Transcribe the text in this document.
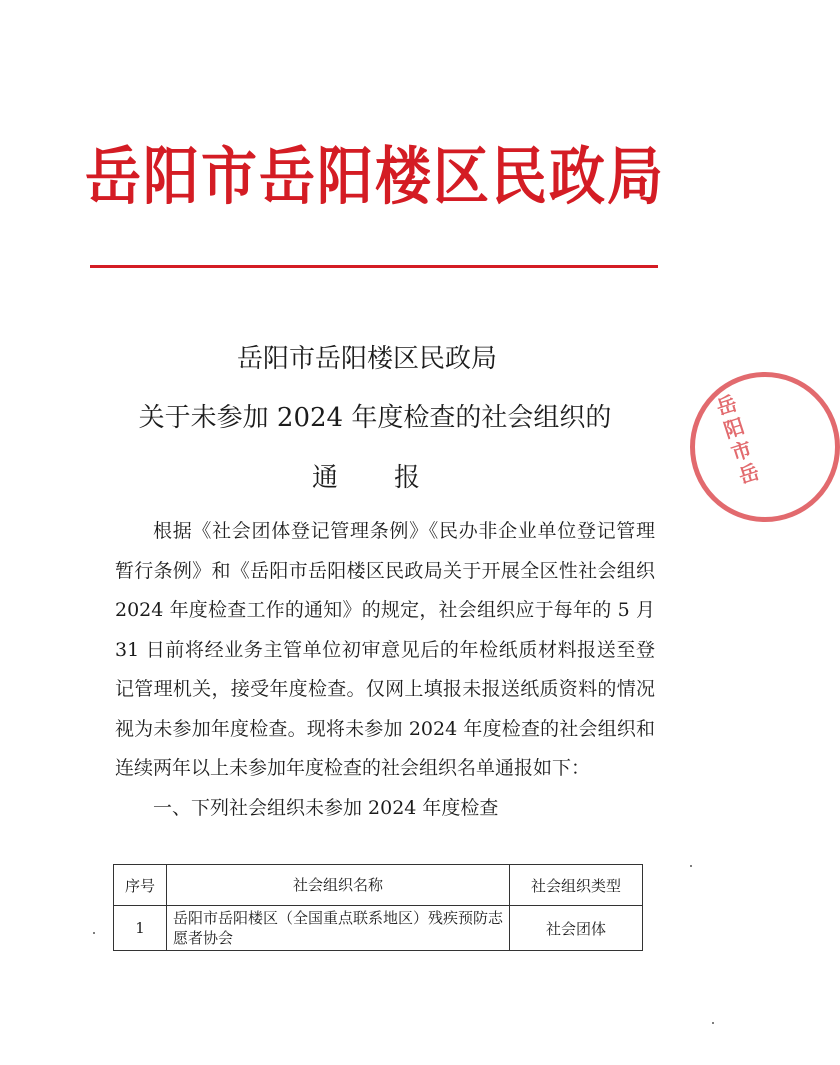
岳阳市岳阳楼区民政局
岳阳市岳阳楼区民政局
关于未参加 2024 年度检查的社会组织的
通 报

根据《社会团体登记管理条例》《民办非企业单位登记管理暂行条例》和《岳阳市岳阳楼区民政局关于开展全区性社会组织 2024 年度检查工作的通知》的规定，社会组织应于每年的 5 月 31 日前将经业务主管单位初审意见后的年检纸质材料报送至登记管理机关，接受年度检查。仅网上填报未报送纸质资料的情况视为未参加年度检查。现将未参加 2024 年度检查的社会组织和连续两年以上未参加年度检查的社会组织名单通报如下：

一、下列社会组织未参加 2024 年度检查

序号	社会组织名称	社会组织类型
1	岳阳市岳阳楼区（全国重点联系地区）残疾预防志愿者协会	社会团体
岳阳市岳
